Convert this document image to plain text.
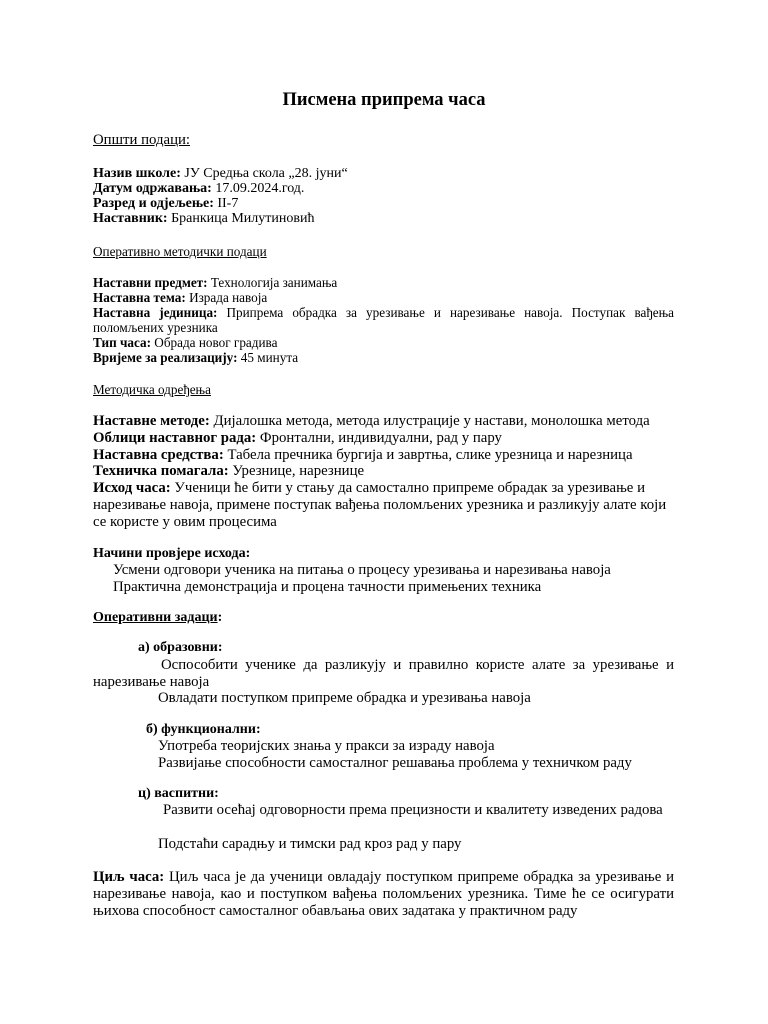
Писмена припрема часа
Општи подаци:
Назив школе: ЈУ Средња скола „28. јуни“
Датум одржавања: 17.09.2024.год.
Разред и одјељење: II-7
Наставник: Бранкица Милутиновић
Оперативно методички подаци
Наставни предмет: Технологија занимања
Наставна тема: Израда навоја
Наставна јединица: Припрема обрадка за урезивање и нарезивање навоја. Поступак вађења поломљених урезника
Тип часа: Обрада новог градива
Вријеме за реализацију: 45 минута
Методичка одређења
Наставне методе: Дијалошка метода, метода илустрације у настави, монолошка метода
Облици наставног рада: Фронтални, индивидуални, рад у пару
Наставна средства: Табела пречника бургија и завртња, слике урезница и нарезница
Техничка помагала: Урезнице, нарезнице
Исход часа: Ученици ће бити у стању да самостално припреме обрадак за урезивање и нарезивање навоја, примене поступак вађења поломљених урезника и разликују алате који се користе у овим процесима
Начини провјере исхода:
Усмени одговори ученика на питања о процесу урезивања и нарезивања навоја
Практична демонстрација и процена тачности примењених техника
Оперативни задаци:
а) образовни:
Оспособити ученике да разликују и правилно користе алате за урезивање и нарезивање навоја
Овладати поступком припреме обрадка и урезивања навоја
б) функционални:
Употреба теоријских знања у пракси за израду навоја
Развијање способности самосталног решавања проблема у техничком раду
ц) васпитни:
Развити осећај одговорности према прецизности и квалитету изведених радова
Подстаћи сарадњу и тимски рад кроз рад у пару
Циљ часа: Циљ часа је да ученици овладају поступком припреме обрадка за урезивање и нарезивање навоја, као и поступком вађења поломљених урезника. Тиме ће се осигурати њихова способност самосталног обављања ових задатака у практичном раду
